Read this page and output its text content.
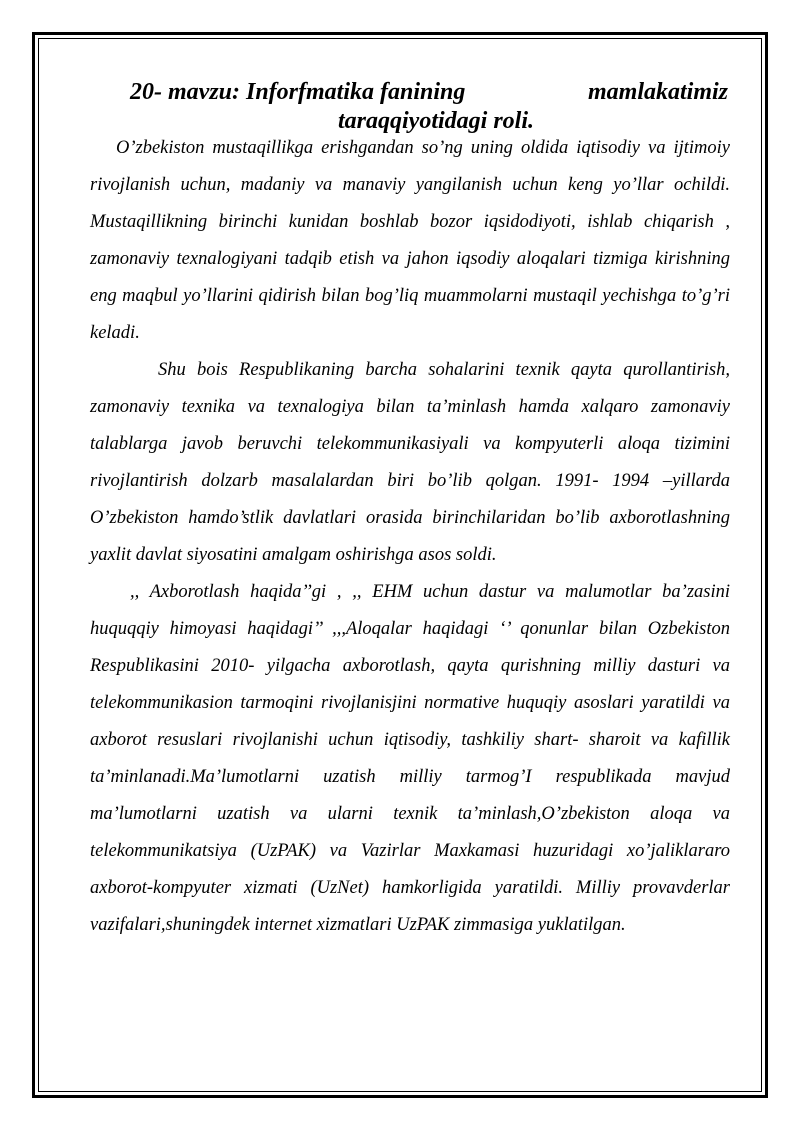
20- mavzu: Inforfmatika fanining	mamlakatimiz
taraqqiyotidagi roli.

O’zbekiston mustaqillikga erishgandan so’ng uning oldida iqtisodiy va ijtimoiy rivojlanish uchun, madaniy va manaviy yangilanish uchun keng yo’llar ochildi. Mustaqillikning birinchi kunidan boshlab bozor iqsidodiyoti, ishlab chiqarish , zamonaviy texnalogiyani tadqib etish va jahon iqsodiy aloqalari tizmiga kirishning eng maqbul yo’llarini qidirish bilan bog’liq muammolarni mustaqil yechishga to’g’ri keladi.

Shu bois Respublikaning barcha sohalarini texnik qayta qurollantirish, zamonaviy texnika va texnalogiya bilan ta’minlash hamda xalqaro zamonaviy talablarga javob beruvchi telekommunikasiyali va kompyuterli aloqa tizimini rivojlantirish dolzarb masalalardan biri bo’lib qolgan. 1991- 1994 –yillarda O’zbekiston hamdo’stlik davlatlari orasida birinchilaridan bo’lib axborotlashning yaxlit davlat siyosatini amalgam oshirishga asos soldi.

,, Axborotlash haqida’’gi , ,, EHM uchun dastur va malumotlar ba’zasini huquqqiy himoyasi haqidagi’’ ,,,Aloqalar haqidagi ‘’ qonunlar bilan Ozbekiston Respublikasini 2010- yilgacha axborotlash, qayta qurishning milliy dasturi va telekommunikasion tarmoqini rivojlanisjini normative huquqiy asoslari yaratildi va axborot resuslari rivojlanishi uchun iqtisodiy, tashkiliy shart- sharoit va kafillik ta’minlanadi.Ma’lumotlarni uzatish milliy tarmog’I respublikada mavjud ma’lumotlarni uzatish va ularni texnik ta’minlash,O’zbekiston aloqa va telekommunikatsiya (UzPAK) va Vazirlar Maxkamasi huzuridagi xo’jaliklararo axborot-kompyuter xizmati (UzNet) hamkorligida yaratildi. Milliy provavderlar vazifalari,shuningdek internet xizmatlari UzPAK zimmasiga yuklatilgan.
